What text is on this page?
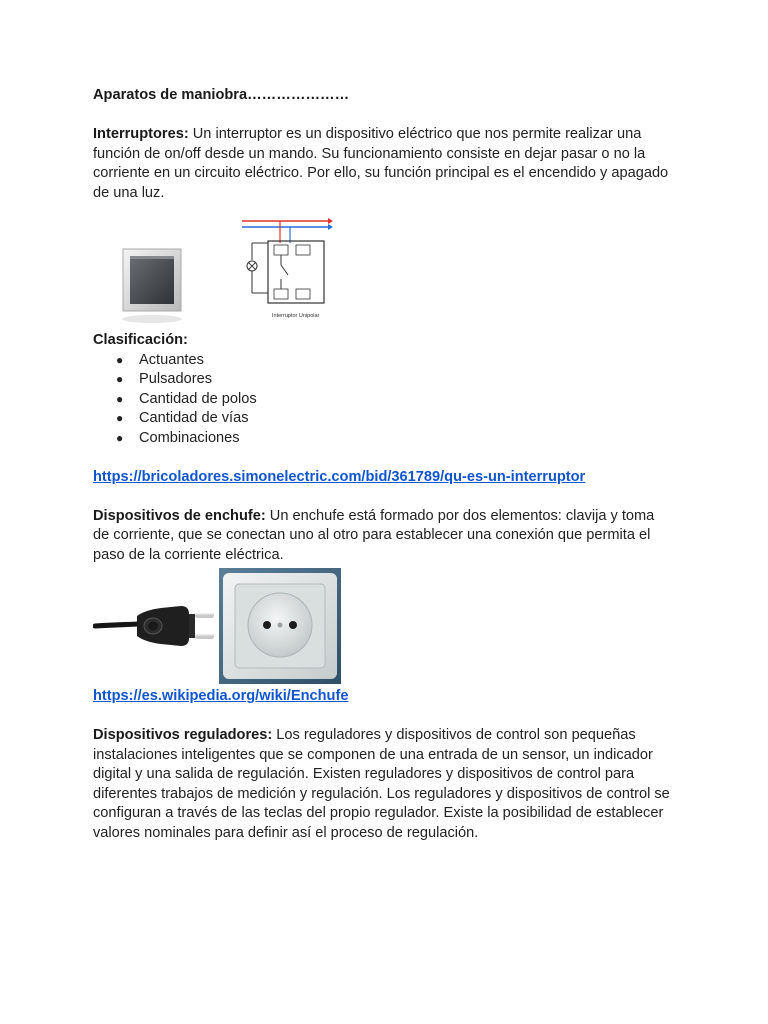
Aparatos de maniobra…………………

Interruptores: Un interruptor es un dispositivo eléctrico que nos permite realizar una función de on/off desde un mando. Su funcionamiento consiste en dejar pasar o no la corriente en un circuito eléctrico. Por ello, su función principal es el encendido y apagado de una luz.

Interruptor Unipolar

Clasificación:

● Actuantes
● Pulsadores
● Cantidad de polos
● Cantidad de vías
● Combinaciones
https://bricoladores.simonelectric.com/bid/361789/qu-es-un-interruptor

Dispositivos de enchufe: Un enchufe está formado por dos elementos: clavija y toma de corriente, que se conectan uno al otro para establecer una conexión que permita el paso de la corriente eléctrica.

https://es.wikipedia.org/wiki/Enchufe

Dispositivos reguladores: Los reguladores y dispositivos de control son pequeñas instalaciones inteligentes que se componen de una entrada de un sensor, un indicador digital y una salida de regulación. Existen reguladores y dispositivos de control para diferentes trabajos de medición y regulación. Los reguladores y dispositivos de control se configuran a través de las teclas del propio regulador. Existe la posibilidad de establecer valores nominales para definir así el proceso de regulación.
